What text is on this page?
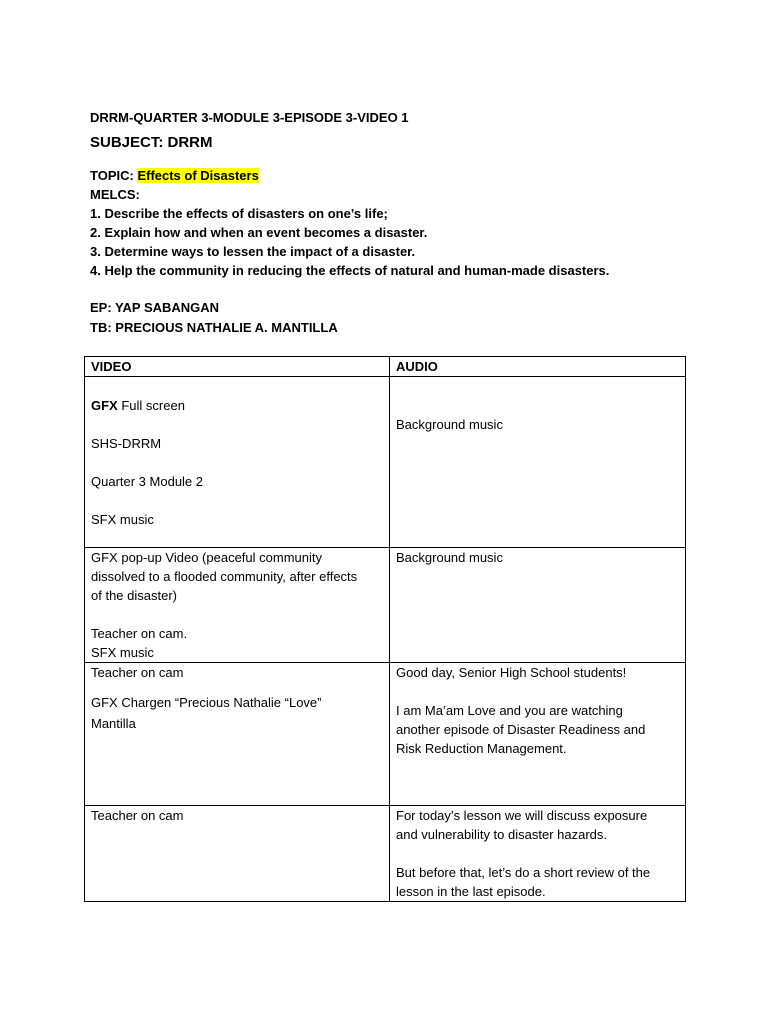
DRRM-QUARTER 3-MODULE 3-EPISODE 3-VIDEO 1
SUBJECT: DRRM
TOPIC: Effects of Disasters
MELCS:
1. Describe the effects of disasters on one’s life;
2. Explain how and when an event becomes a disaster.
3. Determine ways to lessen the impact of a disaster.
4. Help the community in reducing the effects of natural and human-made disasters.
EP: YAP SABANGAN
TB: PRECIOUS NATHALIE A. MANTILLA
VIDEO	AUDIO

GFX Full screen
SHS-DRRM
Quarter 3 Module 2
SFX music	Background music

GFX pop-up Video (peaceful community
dissolved to a flooded community, after effects
of the disaster)
Teacher on cam.
SFX music	Background music

Teacher on cam
GFX Chargen “Precious Nathalie “Love”
Mantilla	Good day, Senior High School students!
I am Ma’am Love and you are watching
another episode of Disaster Readiness and
Risk Reduction Management.

Teacher on cam	For today’s lesson we will discuss exposure
and vulnerability to disaster hazards.
But before that, let’s do a short review of the
lesson in the last episode.
